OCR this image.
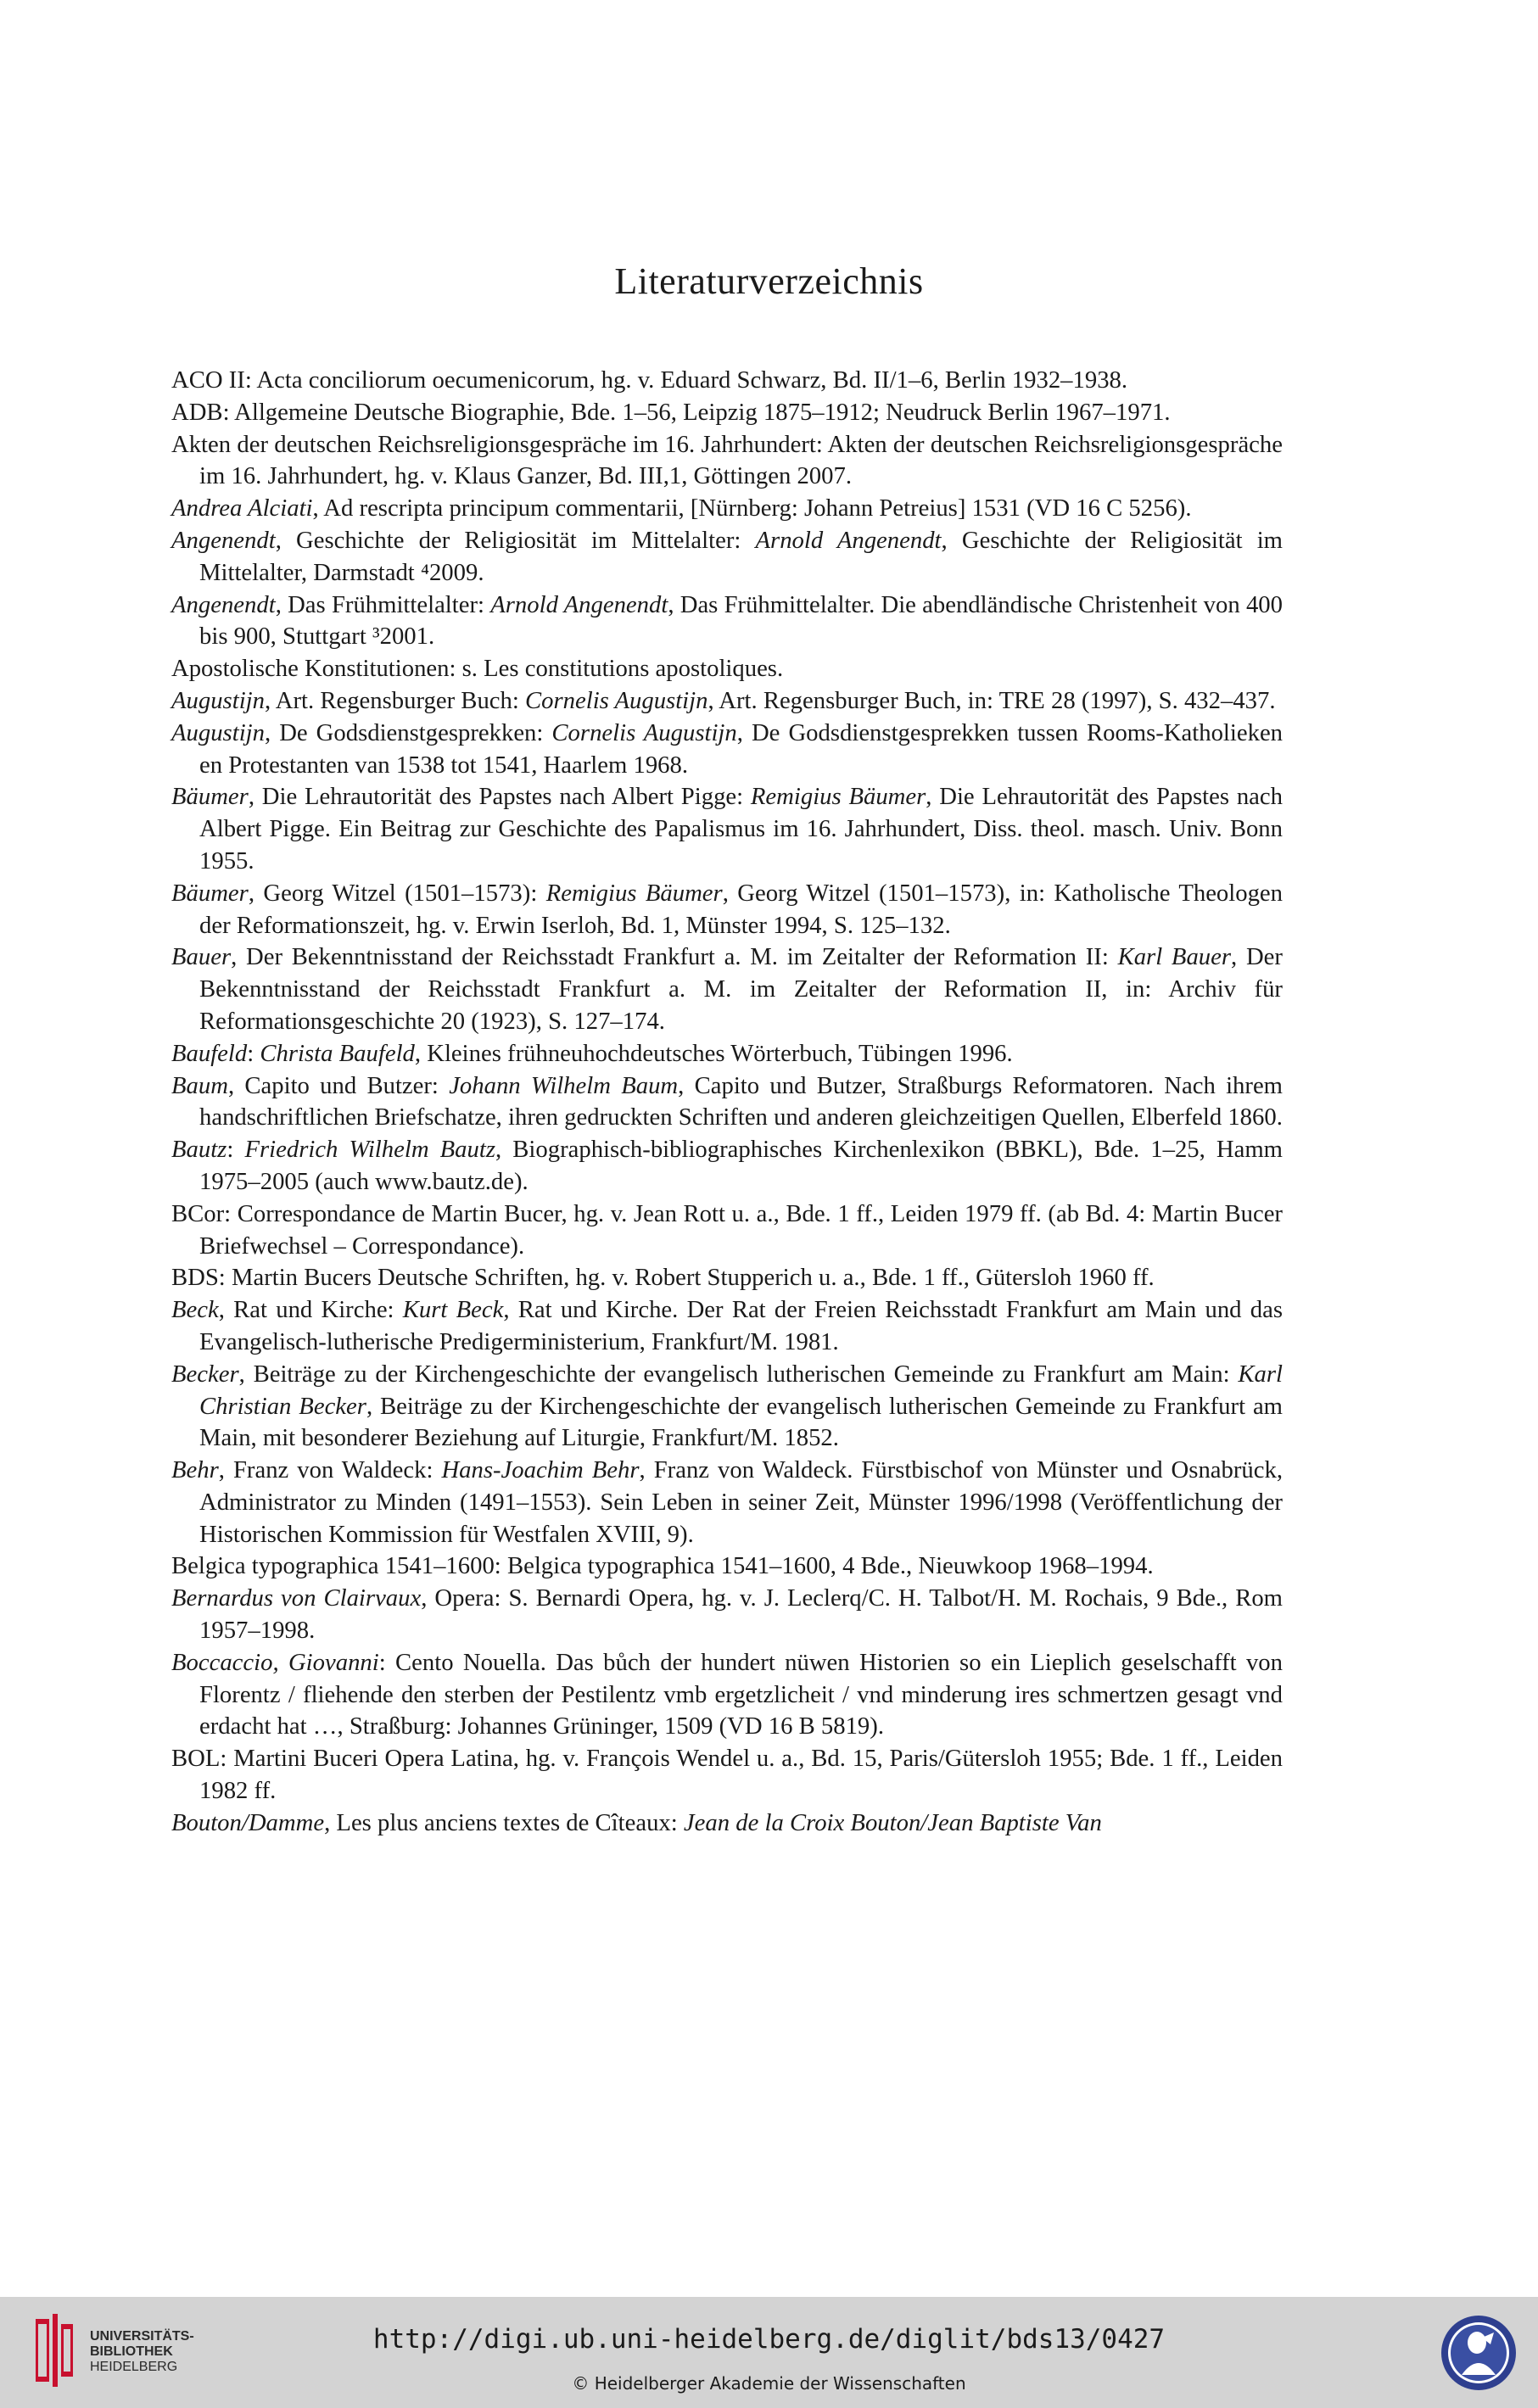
Literaturverzeichnis

ACO II: Acta conciliorum oecumenicorum, hg. v. Eduard Schwarz, Bd. II/1–6, Berlin 1932–1938.

ADB: Allgemeine Deutsche Biographie, Bde. 1–56, Leipzig 1875–1912; Neudruck Berlin 1967–1971.

Akten der deutschen Reichsreligionsgespräche im 16. Jahrhundert: Akten der deutschen Reichsreligionsgespräche im 16. Jahrhundert, hg. v. Klaus Ganzer, Bd. III,1, Göttingen 2007.

Andrea Alciati, Ad rescripta principum commentarii, [Nürnberg: Johann Petreius] 1531 (VD 16 C 5256).

Angenendt, Geschichte der Religiosität im Mittelalter: Arnold Angenendt, Geschichte der Religiosität im Mittelalter, Darmstadt ⁴2009.

Angenendt, Das Frühmittelalter: Arnold Angenendt, Das Frühmittelalter. Die abendländische Christenheit von 400 bis 900, Stuttgart ³2001.

Apostolische Konstitutionen: s. Les constitutions apostoliques.

Augustijn, Art. Regensburger Buch: Cornelis Augustijn, Art. Regensburger Buch, in: TRE 28 (1997), S. 432–437.

Augustijn, De Godsdienstgesprekken: Cornelis Augustijn, De Godsdienstgesprekken tussen Rooms-Katholieken en Protestanten van 1538 tot 1541, Haarlem 1968.

Bäumer, Die Lehrautorität des Papstes nach Albert Pigge: Remigius Bäumer, Die Lehrautorität des Papstes nach Albert Pigge. Ein Beitrag zur Geschichte des Papalismus im 16. Jahrhundert, Diss. theol. masch. Univ. Bonn 1955.

Bäumer, Georg Witzel (1501–1573): Remigius Bäumer, Georg Witzel (1501–1573), in: Katholische Theologen der Reformationszeit, hg. v. Erwin Iserloh, Bd. 1, Münster 1994, S. 125–132.

Bauer, Der Bekenntnisstand der Reichsstadt Frankfurt a. M. im Zeitalter der Reformation II: Karl Bauer, Der Bekenntnisstand der Reichsstadt Frankfurt a. M. im Zeitalter der Reformation II, in: Archiv für Reformationsgeschichte 20 (1923), S. 127–174.

Baufeld: Christa Baufeld, Kleines frühneuhochdeutsches Wörterbuch, Tübingen 1996.

Baum, Capito und Butzer: Johann Wilhelm Baum, Capito und Butzer, Straßburgs Reformatoren. Nach ihrem handschriftlichen Briefschatze, ihren gedruckten Schriften und anderen gleichzeitigen Quellen, Elberfeld 1860.

Bautz: Friedrich Wilhelm Bautz, Biographisch-bibliographisches Kirchenlexikon (BBKL), Bde. 1–25, Hamm 1975–2005 (auch www.bautz.de).

BCor: Correspondance de Martin Bucer, hg. v. Jean Rott u. a., Bde. 1 ff., Leiden 1979 ff. (ab Bd. 4: Martin Bucer Briefwechsel – Correspondance).

BDS: Martin Bucers Deutsche Schriften, hg. v. Robert Stupperich u. a., Bde. 1 ff., Gütersloh 1960 ff.

Beck, Rat und Kirche: Kurt Beck, Rat und Kirche. Der Rat der Freien Reichsstadt Frankfurt am Main und das Evangelisch-lutherische Predigerministerium, Frankfurt/M. 1981.

Becker, Beiträge zu der Kirchengeschichte der evangelisch lutherischen Gemeinde zu Frankfurt am Main: Karl Christian Becker, Beiträge zu der Kirchengeschichte der evangelisch lutherischen Gemeinde zu Frankfurt am Main, mit besonderer Beziehung auf Liturgie, Frankfurt/M. 1852.

Behr, Franz von Waldeck: Hans-Joachim Behr, Franz von Waldeck. Fürstbischof von Münster und Osnabrück, Administrator zu Minden (1491–1553). Sein Leben in seiner Zeit, Münster 1996/1998 (Veröffentlichung der Historischen Kommission für Westfalen XVIII, 9).

Belgica typographica 1541–1600: Belgica typographica 1541–1600, 4 Bde., Nieuwkoop 1968–1994.

Bernardus von Clairvaux, Opera: S. Bernardi Opera, hg. v. J. Leclerq/C. H. Talbot/H. M. Rochais, 9 Bde., Rom 1957–1998.

Boccaccio, Giovanni: Cento Nouella. Das bůch der hundert nüwen Historien so ein Lieplich geselschafft von Florentz / fliehende den sterben der Pestilentz vmb ergetzlicheit / vnd minderung ires schmertzen gesagt vnd erdacht hat …, Straßburg: Johannes Grüninger, 1509 (VD 16 B 5819).

BOL: Martini Buceri Opera Latina, hg. v. François Wendel u. a., Bd. 15, Paris/Gütersloh 1955; Bde. 1 ff., Leiden 1982 ff.

Bouton/Damme, Les plus anciens textes de Cîteaux: Jean de la Croix Bouton/Jean Baptiste Van

UNIVERSITÄTS-
BIBLIOTHEK
HEIDELBERG
http://digi.ub.uni-heidelberg.de/diglit/bds13/0427
© Heidelberger Akademie der Wissenschaften
